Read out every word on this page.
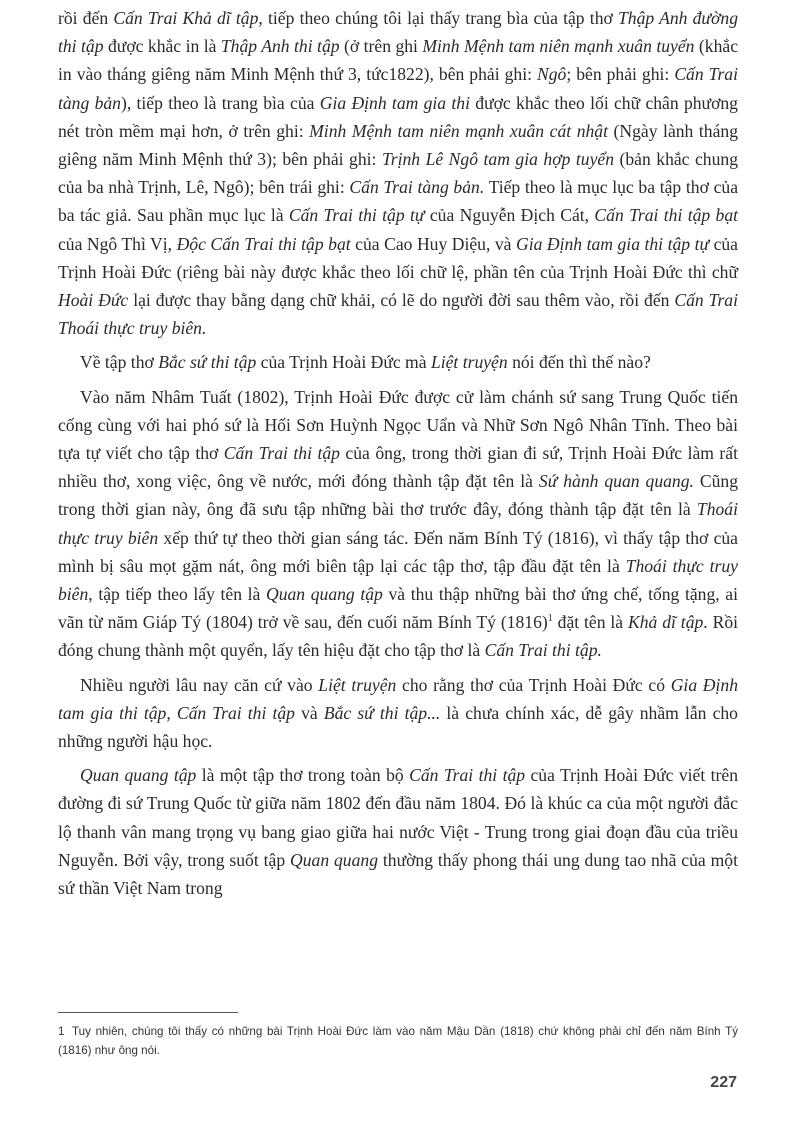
rồi đến Cấn Trai Khả dĩ tập, tiếp theo chúng tôi lại thấy trang bìa của tập thơ Thập Anh đường thi tập được khắc in là Thập Anh thi tập (ở trên ghi Minh Mệnh tam niên mạnh xuân tuyển (khắc in vào tháng giêng năm Minh Mệnh thứ 3, tức1822), bên phải ghi: Ngô; bên phải ghi: Cấn Trai tàng bản), tiếp theo là trang bìa của Gia Định tam gia thi được khắc theo lối chữ chân phương nét tròn mềm mại hơn, ở trên ghi: Minh Mệnh tam niên mạnh xuân cát nhật (Ngày lành tháng giêng năm Minh Mệnh thứ 3); bên phải ghi: Trịnh Lê Ngô tam gia hợp tuyển (bản khắc chung của ba nhà Trịnh, Lê, Ngô); bên trái ghi: Cấn Trai tàng bản. Tiếp theo là mục lục ba tập thơ của ba tác giả. Sau phần mục lục là Cấn Trai thi tập tự của Nguyễn Địch Cát, Cấn Trai thi tập bạt của Ngô Thì Vị, Độc Cấn Trai thi tập bạt của Cao Huy Diệu, và Gia Định tam gia thi tập tự của Trịnh Hoài Đức (riêng bài này được khắc theo lối chữ lệ, phần tên của Trịnh Hoài Đức thì chữ Hoài Đức lại được thay bằng dạng chữ khải, có lẽ do người đời sau thêm vào, rồi đến Cấn Trai Thoái thực truy biên.

Về tập thơ Bắc sứ thi tập của Trịnh Hoài Đức mà Liệt truyện nói đến thì thế nào?

Vào năm Nhâm Tuất (1802), Trịnh Hoài Đức được cử làm chánh sứ sang Trung Quốc tiến cống cùng với hai phó sứ là Hối Sơn Huỳnh Ngọc Uẩn và Nhữ Sơn Ngô Nhân Tĩnh. Theo bài tựa tự viết cho tập thơ Cấn Trai thi tập của ông, trong thời gian đi sứ, Trịnh Hoài Đức làm rất nhiều thơ, xong việc, ông về nước, mới đóng thành tập đặt tên là Sứ hành quan quang. Cũng trong thời gian này, ông đã sưu tập những bài thơ trước đây, đóng thành tập đặt tên là Thoái thực truy biên xếp thứ tự theo thời gian sáng tác. Đến năm Bính Tý (1816), vì thấy tập thơ của mình bị sâu mọt gặm nát, ông mới biên tập lại các tập thơ, tập đầu đặt tên là Thoái thực truy biên, tập tiếp theo lấy tên là Quan quang tập và thu thập những bài thơ ứng chế, tống tặng, ai vãn từ năm Giáp Tý (1804) trở về sau, đến cuối năm Bính Tý $(1816)^1$ đặt tên là Khả dĩ tập. Rồi đóng chung thành một quyển, lấy tên hiệu đặt cho tập thơ là Cấn Trai thi tập.

Nhiều người lâu nay căn cứ vào Liệt truyện cho rằng thơ của Trịnh Hoài Đức có Gia Định tam gia thi tập, Cấn Trai thi tập và Bắc sứ thi tập... là chưa chính xác, dễ gây nhầm lẫn cho những người hậu học.

Quan quang tập là một tập thơ trong toàn bộ Cấn Trai thi tập của Trịnh Hoài Đức viết trên đường đi sứ Trung Quốc từ giữa năm 1802 đến đầu năm 1804. Đó là khúc ca của một người đắc lộ thanh vân mang trọng vụ bang giao giữa hai nước Việt - Trung trong giai đoạn đầu của triều Nguyễn. Bởi vậy, trong suốt tập Quan quang thường thấy phong thái ung dung tao nhã của một sứ thần Việt Nam trong

1 Tuy nhiên, chúng tôi thấy có những bài Trịnh Hoài Đức làm vào năm Mậu Dần (1818) chứ không phải chỉ đến năm Bính Tý (1816) như ông nói.
227
